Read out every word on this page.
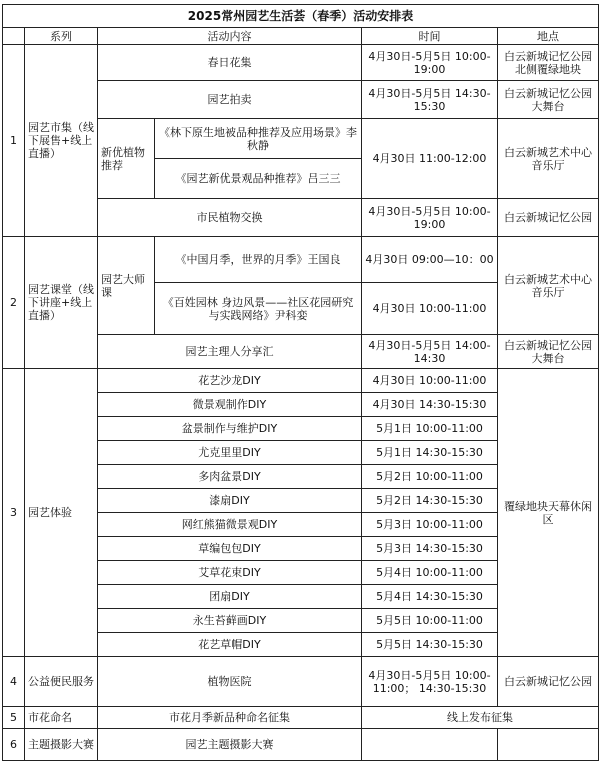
2025常州园艺生活荟（春季）活动安排表					
	系列	活动内容		时间	地点
1	园艺市集（线下展售+线上直播）	春日花集		4月30日-5月5日 10:00-19:00	白云新城记忆公园北侧覆绿地块
		园艺拍卖		4月30日-5月5日 14:30-15:30	白云新城记忆公园大舞台
		新优植物推荐	《林下原生地被品种推荐及应用场景》李秋静	4月30日 11:00-12:00	白云新城艺术中心音乐厅
			《园艺新优景观品种推荐》吕三三		
		市民植物交换		4月30日-5月5日 10:00-19:00	白云新城记忆公园
2	园艺课堂（线下讲座+线上直播）	园艺大师课	《中国月季，世界的月季》王国良	4月30日 09:00—10：00	白云新城艺术中心音乐厅
			《百姓园林 身边风景——社区花园研究与实践网络》尹科娈	4月30日 10:00-11:00	
		园艺主理人分享汇		4月30日-5月5日 14:00-14:30	白云新城记忆公园大舞台
3	园艺体验	花艺沙龙DIY		4月30日 10:00-11:00	覆绿地块天幕休闲区
		微景观制作DIY		4月30日 14:30-15:30	
		盆景制作与维护DIY		5月1日 10:00-11:00	
		尤克里里DIY		5月1日 14:30-15:30	
		多肉盆景DIY		5月2日 10:00-11:00	
		漆扇DIY		5月2日 14:30-15:30	
		网红熊猫微景观DIY		5月3日 10:00-11:00	
		草编包包DIY		5月3日 14:30-15:30	
		艾草花束DIY		5月4日 10:00-11:00	
		团扇DIY		5月4日 14:30-15:30	
		永生苔藓画DIY		5月5日 10:00-11:00	
		花艺草帽DIY		5月5日 14:30-15:30	
4	公益便民服务	植物医院		4月30日-5月5日 10:00-11:00； 14:30-15:30	白云新城记忆公园
5	市花命名	市花月季新品种命名征集		线上发布征集	
6	主题摄影大赛	园艺主题摄影大赛			
